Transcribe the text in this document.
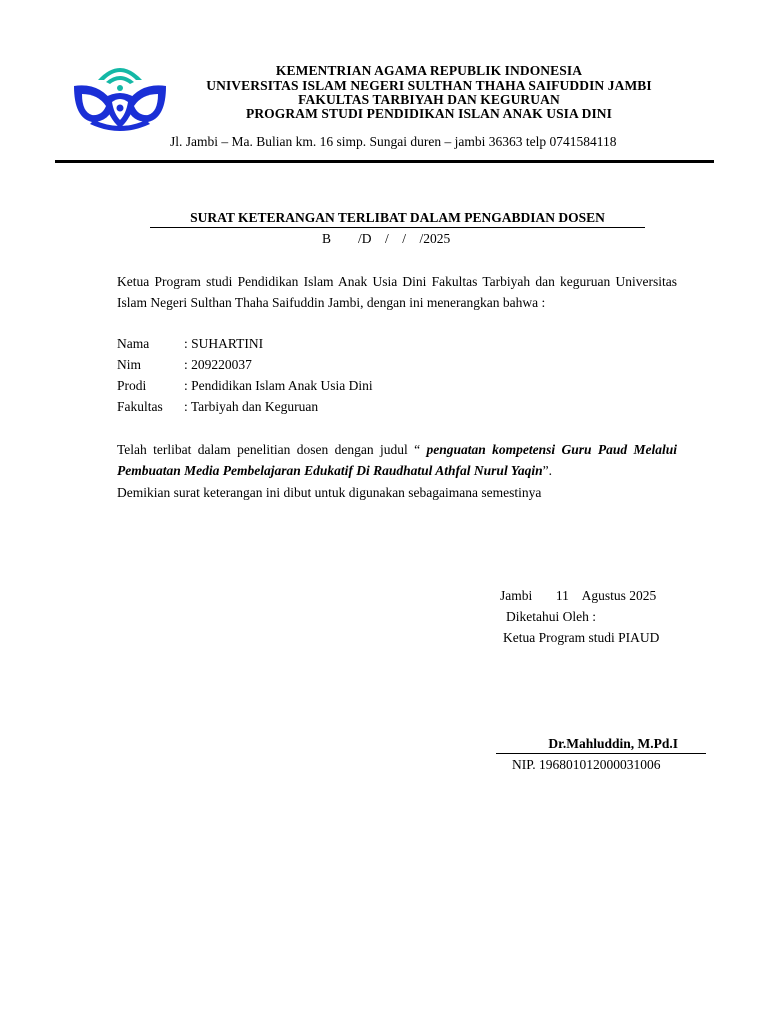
KEMENTRIAN AGAMA REPUBLIK INDONESIA
UNIVERSITAS ISLAM NEGERI SULTHAN THAHA SAIFUDDIN JAMBI
FAKULTAS TARBIYAH DAN KEGURUAN
PROGRAM STUDI PENDIDIKAN ISLAN ANAK USIA DINI
Jl. Jambi – Ma. Bulian km. 16 simp. Sungai duren – jambi 36363 telp 0741584118
SURAT KETERANGAN TERLIBAT DALAM PENGABDIAN DOSEN
B        /D    /    /    /2025
Ketua Program studi Pendidikan Islam Anak Usia Dini Fakultas Tarbiyah dan keguruan Universitas Islam Negeri Sulthan Thaha Saifuddin Jambi, dengan ini menerangkan bahwa :
Nama	: SUHARTINI
Nim	: 209220037
Prodi	: Pendidikan Islam Anak Usia Dini
Fakultas : Tarbiyah dan Keguruan
Telah terlibat dalam penelitian dosen dengan judul “ penguatan kompetensi Guru Paud Melalui Pembuatan Media Pembelajaran Edukatif Di Raudhatul Athfal Nurul Yaqin”.
Demikian surat keterangan ini dibut untuk digunakan sebagaimana semestinya
Jambi       11    Agustus 2025
Diketahui Oleh :
Ketua Program studi PIAUD
Dr.Mahluddin, M.Pd.I
NIP. 196801012000031006
